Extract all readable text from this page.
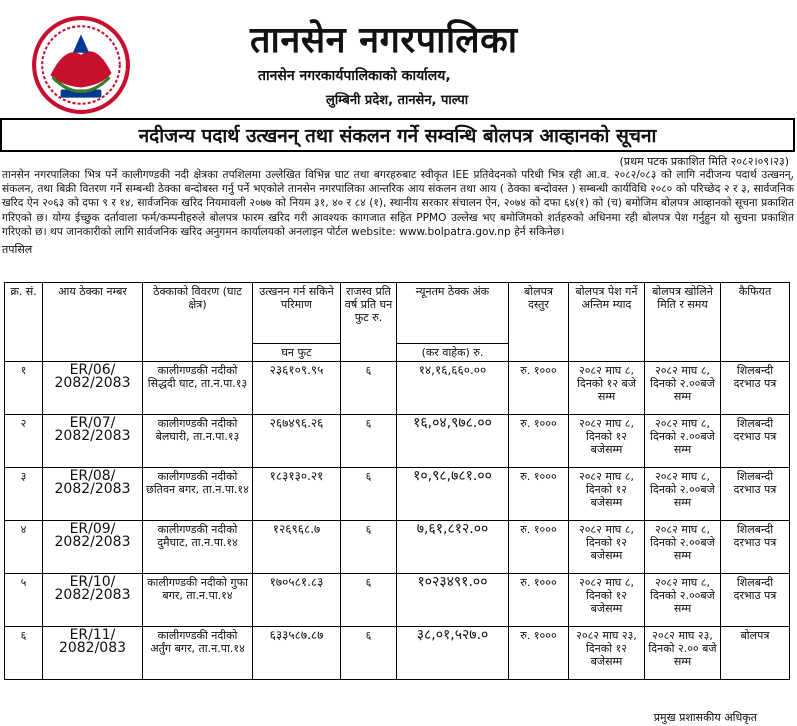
तानसेन नगरपालिका
तानसेन नगरकार्यपालिकाको कार्यालय,
लुम्बिनी प्रदेश, तानसेन, पाल्पा
नदीजन्य पदार्थ उत्खनन् तथा संकलन गर्ने सम्वन्धि बोलपत्र आव्हानको सूचना
(प्रथम पटक प्रकाशित मिति २०८२।०९।२३)
तानसेन नगरपालिका भित्र पर्ने कालीगण्डकी नदी क्षेत्रका तपशिलमा उल्लेखित विभिन्न घाट तथा बगरहरुबाट स्वीकृत IEE प्रतिवेदनको परिधी भित्र रही आ.व. २०८२/०८३ को लागि नदीजन्य पदार्थ उत्खनन्, संकलन, तथा बिक्री वितरण गर्ने सम्बन्धी ठेक्का बन्दोबस्त गर्नु पर्ने भएकोले तानसेन नगरपालिका आन्तरिक आय संकलन तथा आय ( ठेक्का बन्दोवस्त ) सम्बन्धी कार्यविधि २०८० को परिच्छेद २ र ३, सार्वजनिक खरिद ऐन २०६३ को दफा ९ र १४, सार्वजनिक खरिद नियमावली २०७७ को नियम ३१, ४० र ८४ (१), स्थानीय सरकार संचालन ऐन, २०७४ को दफा ६४(१) को (च) बमोजिम बोलपत्र आव्हानको सूचना प्रकाशित गरिएको छ। योग्य ईच्छुक दर्तावाला फर्म/कम्पनीहरुले बोलपत्र फारम खरिद गरी आवश्यक कागजात सहित PPMO उल्लेख भए बमोजिमको शर्तहरुको अधिनमा रही बोलपत्र पेश गर्नुहुन यो सुचना प्रकाशित गरिएको छ। थप जानकारीको लागि सार्वजनिक खरिद अनुगमन कार्यालयको अनलाइन पोर्टल website: www.bolpatra.gov.np हेर्न सकिनेछ।
तपसिल
क्र. सं.	आय ठेक्का नम्बर	ठेक्काको विवरण (घाट क्षेत्र)	उत्खनन गर्न सकिने परिमाण	राजस्व प्रति वर्ष प्रति घन फुट रु.	न्यूनतम ठेक्क अंक	बोलपत्र दस्तुर	बोलपत्र पेश गर्ने अन्तिम म्याद	बोलपत्र खोलिने मिति र समय	कैफियत
			घन फुट		(कर वाहेक) रु.				
१	ER/06/ 2082/2083	कालीगण्डकी नदीको सिद्धदी घाट, ता.न.पा.१३	२३६१०९.९५	६	१४,१६,६६०.००	रु. १०००	२०८२ माघ ८, दिनको १२ बजे सम्म	२०८२ माघ ८, दिनको २.००बजे सम्म	शिलबन्दी दरभाउ पत्र
२	ER/07/ 2082/2083	कालीगण्डकी नदीको बेलघारी, ता.न.पा.१३	२६७४९६.२६	६	१६,०४,९७८.००	रु. १०००	२०८२ माघ ८, दिनको १२ बजेसम्म	२०८२ माघ ८, दिनको २.००बजे सम्म	शिलबन्दी दरभाउ पत्र
३	ER/08/ 2082/2083	कालीगण्डकी नदीको छतिवन बगर, ता.न.पा.१४	१८३१३०.२१	६	१०,९८,७८१.००	रु. १०००	२०८२ माघ ८, दिनको १२ बजेसम्म	२०८२ माघ ८, दिनको २.००बजे सम्म	शिलबन्दी दरभाउ पत्र
४	ER/09/ 2082/2083	कालीगण्डकी नदीको दुमैघाट, ता.न.पा.१४	१२६९६८.७	६	७,६१,८१२.००	रु. १०००	२०८२ माघ ८, दिनको १२ बजेसम्म	२०८२ माघ ८, दिनको २.००बजे सम्म	शिलबन्दी दरभाउ पत्र
५	ER/10/ 2082/2083	कालीगण्डकी नदीको गुफा बगर, ता.न.पा.१४	१७०५८१.८३	६	१०२३४९१.००	रु. १०००	२०८२ माघ ८, दिनको १२ बजेसम्म	२०८२ माघ ८, दिनको २.००बजे सम्म	शिलबन्दी दरभाउ पत्र
६	ER/11/ 2082/083	कालीगण्डकी नदीको अर्तुंग बगर, ता.न.पा.१४	६३३५८७.८७	६	३८,०१,५२७.०	रु. १०००	२०८२ माघ २३, दिनको १२ बजेसम्म	२०८२ माघ २३, दिनको २.०० बजे सम्म	बोलपत्र
प्रमुख प्रशासकीय अधिकृत
